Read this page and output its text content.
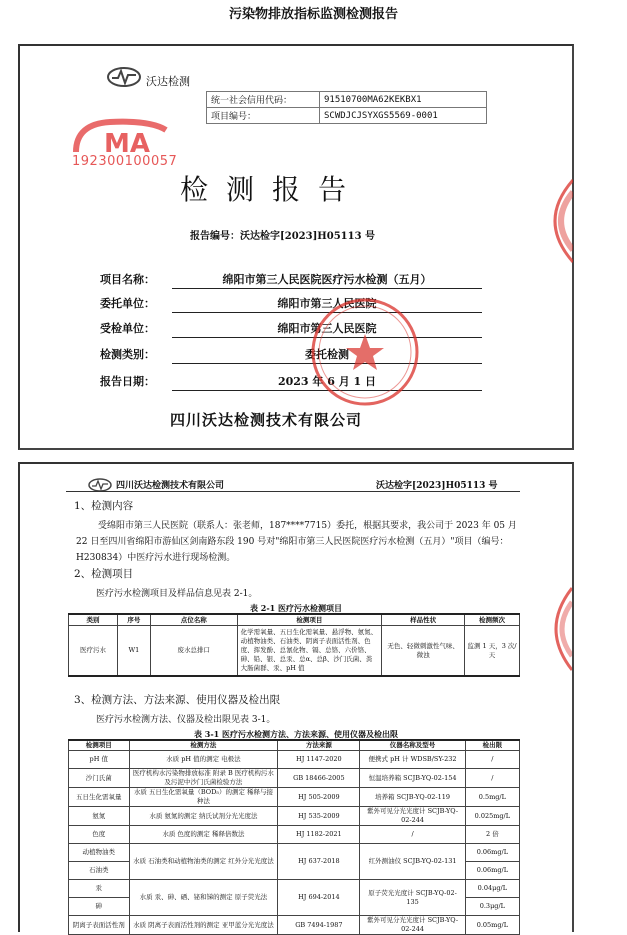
污染物排放指标监测检测报告
沃达检测
统一社会信用代码：	91510700MA62KEKBX1
项目编号：	SCWDJCJSYXGS5569-0001
MA
192300100057
检测报告
报告编号：沃达检字[2023]H05113 号
项目名称：	绵阳市第三人民医院医疗污水检测（五月）
委托单位：	绵阳市第三人民医院
受检单位：	绵阳市第三人民医院
检测类别：	委托检测
报告日期：	2023 年 6 月 1 日
四川沃达检测技术有限公司
四川沃达检测技术有限公司	沃达检字[2023]H05113 号
1、检测内容
受绵阳市第三人民医院（联系人：张老师，187****7715）委托，根据其要求，我公司于 2023 年 05 月 22 日至四川省绵阳市游仙区剑南路东段 190 号对"绵阳市第三人民医院医疗污水检测（五月）"项目（编号：H230834）中医疗污水进行现场检测。
2、检测项目
医疗污水检测项目及样品信息见表 2-1。
表 2-1 医疗污水检测项目
类别	序号	点位名称	检测项目	样品性状	检测频次
医疗污水	W1	废水总排口	化学需氧量、五日生化需氧量、悬浮物、氨氮、动植物油类、石油类、阴离子表面活性剂、色度、挥发酚、总氰化物、镉、总铬、六价铬、砷、铅、银、总汞、总α、总β、沙门氏菌、粪大肠菌群、汞、pH 值	无色、轻微刺激性气味、微浊	监测 1 天，3 次/天
3、检测方法、方法来源、使用仪器及检出限
医疗污水检测方法、仪器及检出限见表 3-1。
表 3-1 医疗污水检测方法、方法来源、使用仪器及检出限
检测项目	检测方法	方法来源	仪器名称及型号	检出限
pH 值	水质 pH 值的测定 电极法	HJ 1147-2020	便携式 pH 计 WDSB/SY-232	/
沙门氏菌	医疗机构水污染物排放标准 附录 B 医疗机构污水及污泥中沙门氏菌检验方法	GB 18466-2005	恒温培养箱 SCJB-YQ-02-154	/
五日生化需氧量	水质 五日生化需氧量（BOD₅）的测定 稀释与接种法	HJ 505-2009	培养箱 SCJB-YQ-02-119	0.5mg/L
氨氮	水质 氨氮的测定 纳氏试剂分光光度法	HJ 535-2009	紫外可见分光光度计 SCJB-YQ-02-244	0.025mg/L
色度	水质 色度的测定 稀释倍数法	HJ 1182-2021	/	2 倍
动植物油类	水质 石油类和动植物油类的测定 红外分光光度法	HJ 637-2018	红外测油仪 SCJB-YQ-02-131	0.06mg/L
石油类				0.06mg/L
汞	水质 汞、砷、硒、铋和锑的测定 原子荧光法	HJ 694-2014	原子荧光光度计 SCJB-YQ-02-135	0.04μg/L
砷				0.3μg/L
阴离子表面活性剂	水质 阴离子表面活性剂的测定 亚甲蓝分光光度法	GB 7494-1987	紫外可见分光光度计 SCJB-YQ-02-244	0.05mg/L
